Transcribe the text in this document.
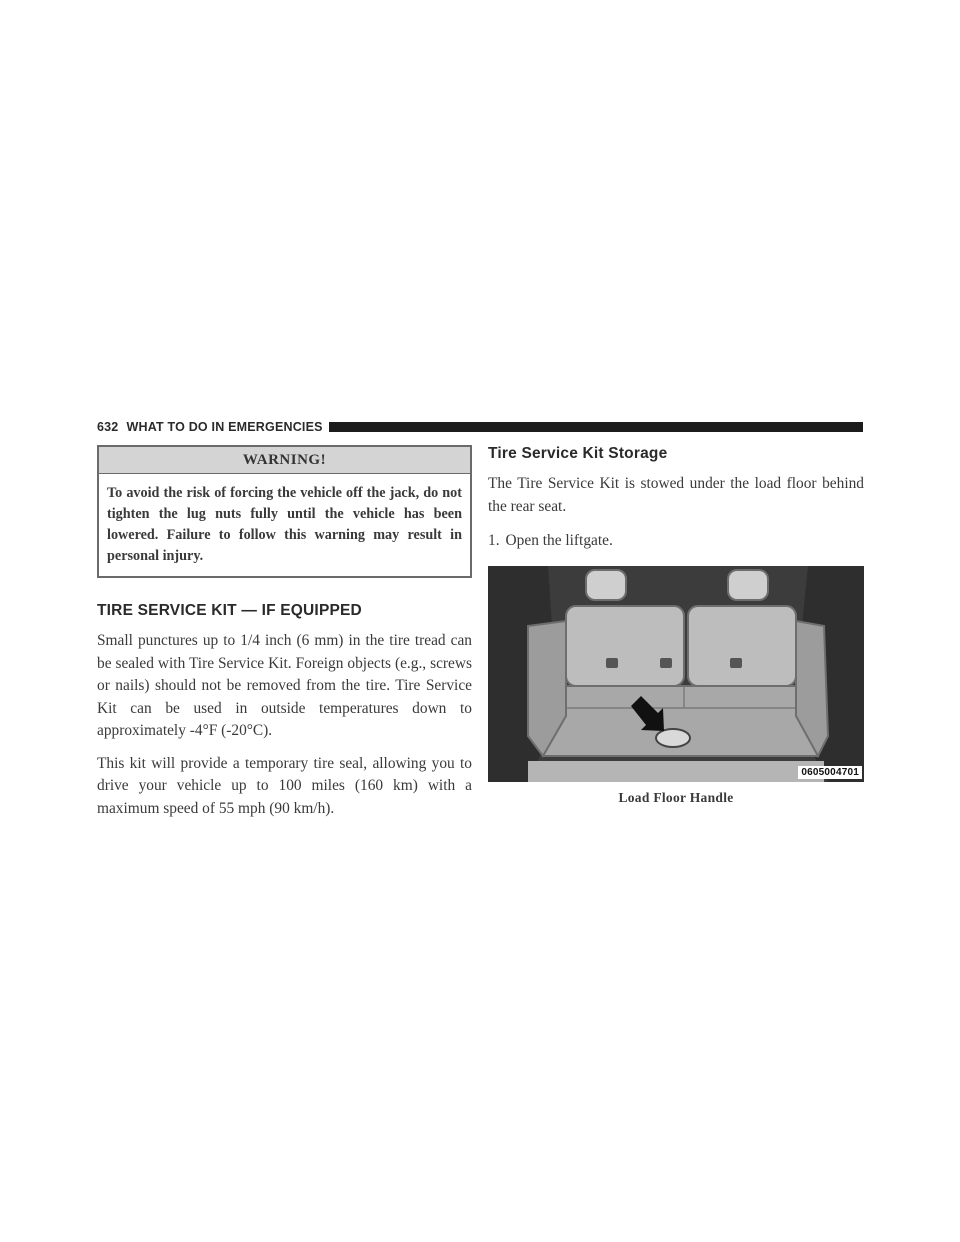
632 WHAT TO DO IN EMERGENCIES
WARNING!
To avoid the risk of forcing the vehicle off the jack, do not tighten the lug nuts fully until the vehicle has been lowered. Failure to follow this warning may result in personal injury.
TIRE SERVICE KIT — IF EQUIPPED

Small punctures up to 1/4 inch (6 mm) in the tire tread can be sealed with Tire Service Kit. Foreign objects (e.g., screws or nails) should not be removed from the tire. Tire Service Kit can be used in outside temperatures down to approximately -4°F (-20°C).

This kit will provide a temporary tire seal, allowing you to drive your vehicle up to 100 miles (160 km) with a maximum speed of 55 mph (90 km/h).

Tire Service Kit Storage

The Tire Service Kit is stowed under the load floor behind the rear seat.

1. Open the liftgate.
0605004701
Load Floor Handle
